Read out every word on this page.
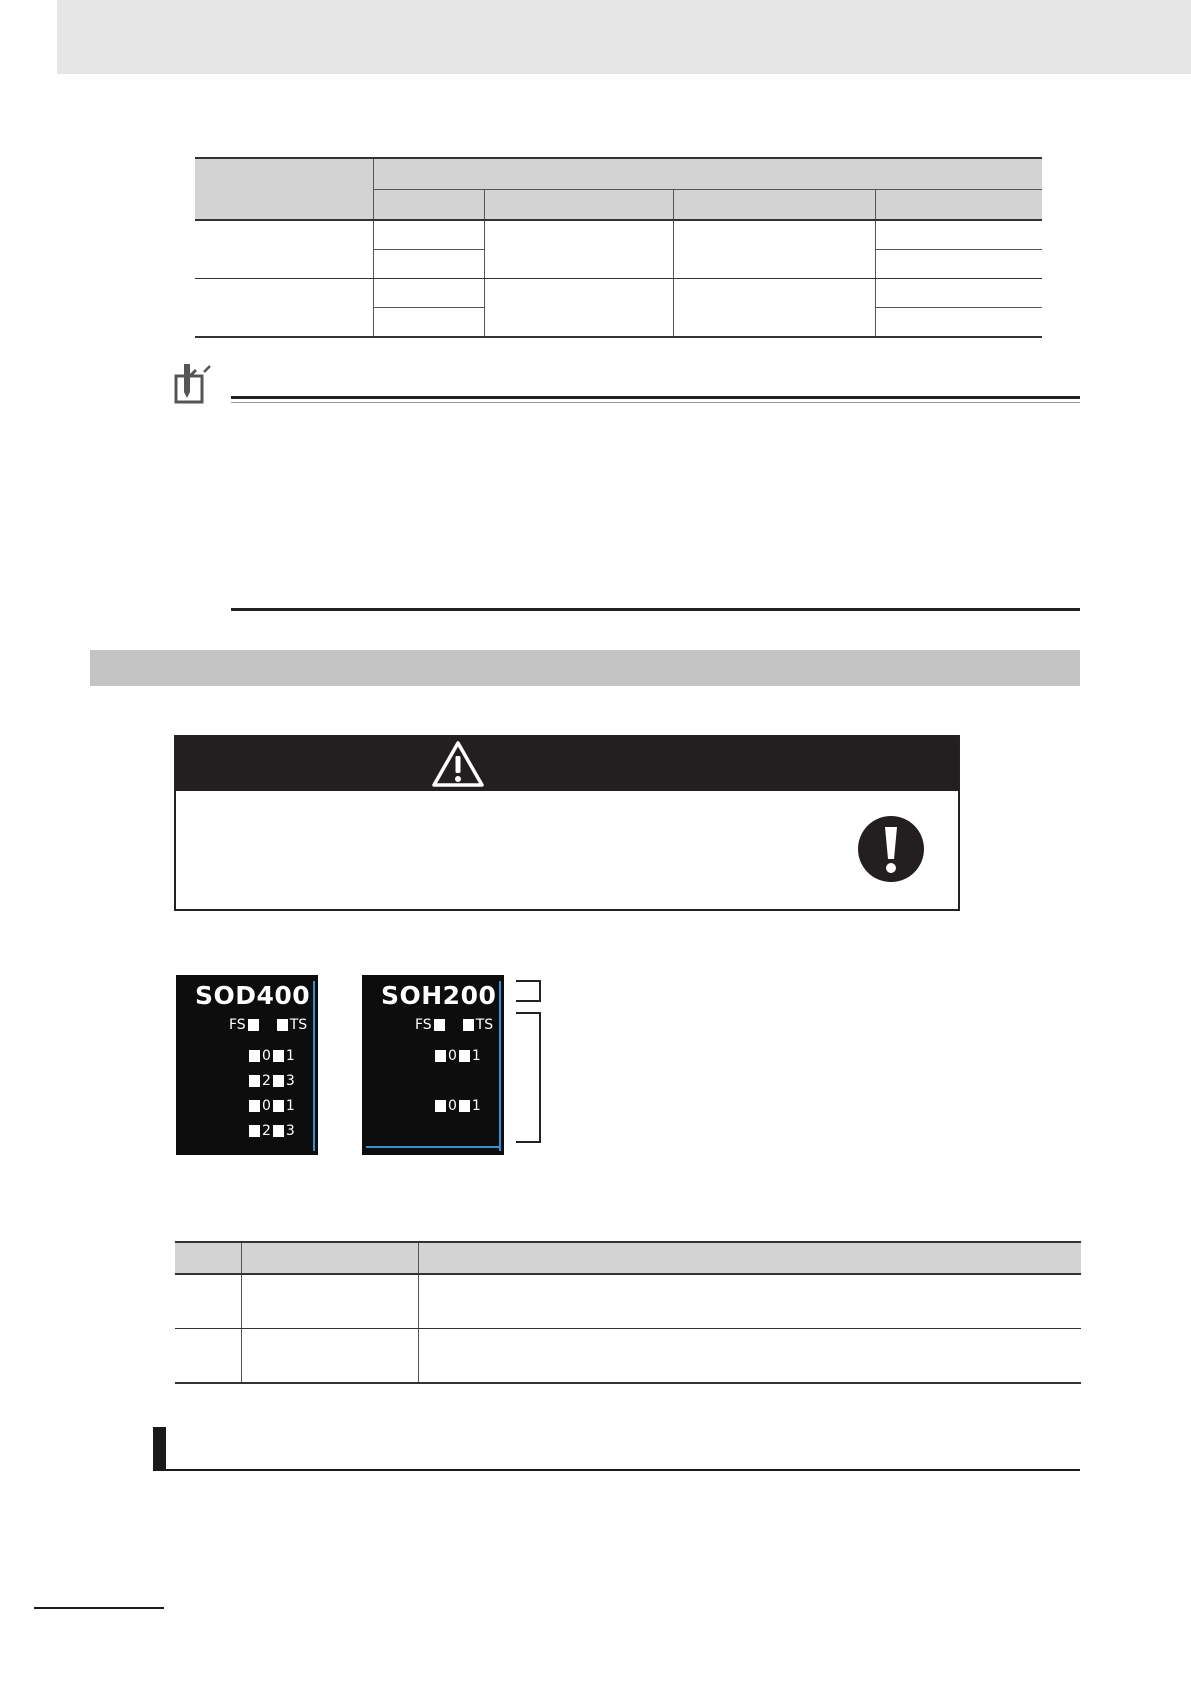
SOD400
FS	TS
0 1
2 3
0 1
2 3
SOH200
FS	TS
0 1
0 1
